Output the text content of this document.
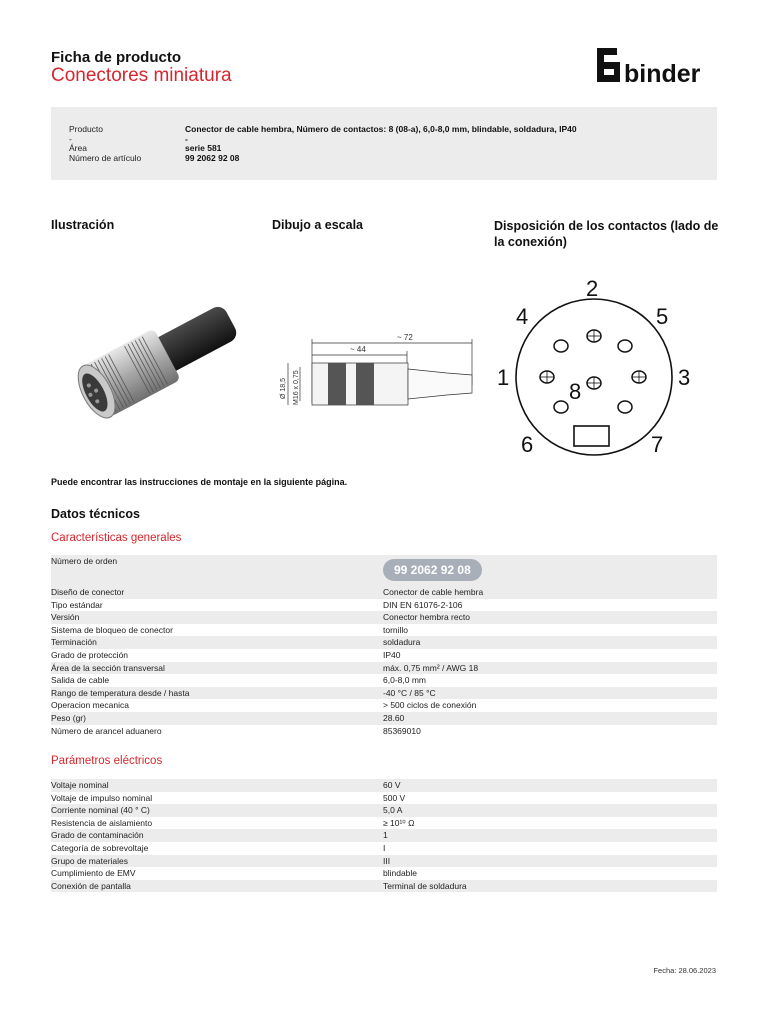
Ficha de producto
Conectores miniatura	binder
Producto	Conector de cable hembra, Número de contactos: 8 (08-a), 6,0-8,0 mm, blindable, soldadura, IP40
-	-
Área	serie 581
Número de artículo	99 2062 92 08
Ilustración	Dibujo a escala	Disposición de los contactos (lado de la conexión)
~ 72
~ 44
Ø 18,5 M16 x 0,75	1
2
3
4	5
6	7
8
Puede encontrar las instrucciones de montaje en la siguiente página.
Datos técnicos
Características generales
Número de orden	99 2062 92 08
Diseño de conector	Conector de cable hembra
Tipo estándar	DIN EN 61076-2-106
Versión	Conector hembra recto
Sistema de bloqueo de conector	tornillo
Terminación	soldadura
Grado de protección	IP40
Área de la sección transversal	máx. 0,75 mm² / AWG 18
Salida de cable	6,0-8,0 mm
Rango de temperatura desde / hasta	-40 °C / 85 °C
Operacion mecanica	> 500 ciclos de conexión
Peso (gr)	28.60
Número de arancel aduanero	85369010
Parámetros eléctricos
Voltaje nominal	60 V
Voltaje de impulso nominal	500 V
Corriente nominal (40 ° C)	5,0 A
Resistencia de aislamiento	≥ 10¹⁰ Ω
Grado de contaminación	1
Categoría de sobrevoltaje	I
Grupo de materiales	III
Cumplimiento de EMV	blindable
Conexión de pantalla	Terminal de soldadura
Fecha: 28.06.2023
